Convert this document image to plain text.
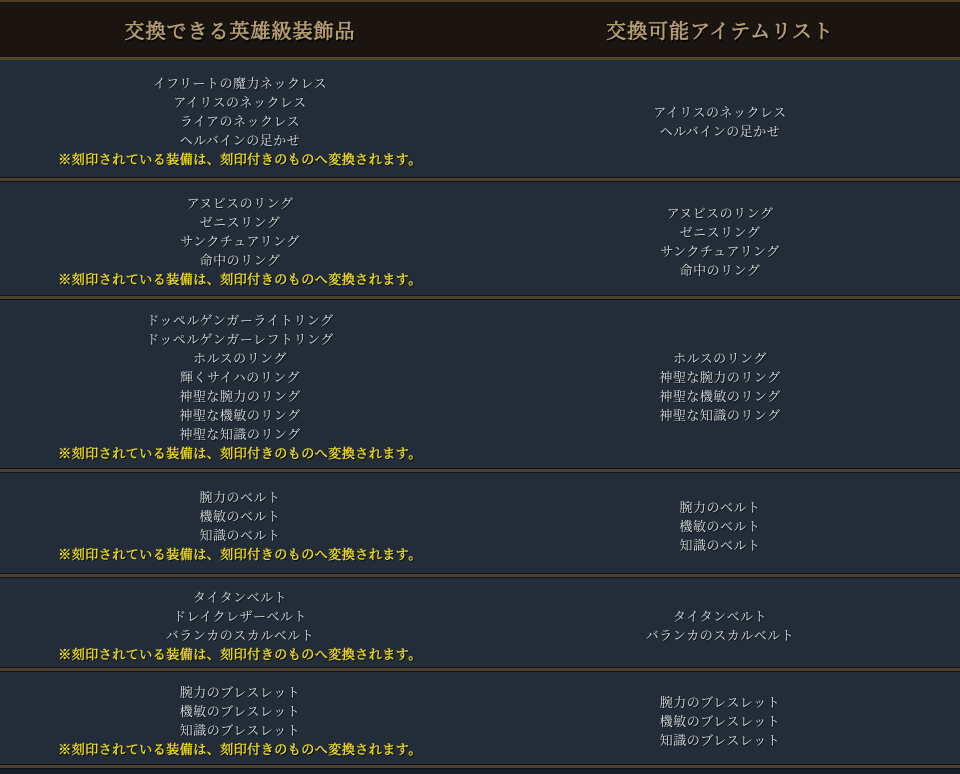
交換できる英雄級装飾品	交換可能アイテムリスト
イフリートの魔力ネックレス
アイリスのネックレス
ライアのネックレス
ヘルバインの足かせ
※刻印されている装備は、刻印付きのものへ変換されます。
アイリスのネックレス
ヘルバインの足かせ
アヌビスのリング
ゼニスリング
サンクチュアリング
命中のリング
※刻印されている装備は、刻印付きのものへ変換されます。
アヌビスのリング
ゼニスリング
サンクチュアリング
命中のリング
ドッペルゲンガーライトリング
ドッペルゲンガーレフトリング
ホルスのリング
輝くサイハのリング
神聖な腕力のリング
神聖な機敏のリング
神聖な知識のリング
※刻印されている装備は、刻印付きのものへ変換されます。
ホルスのリング
神聖な腕力のリング
神聖な機敏のリング
神聖な知識のリング
腕力のベルト
機敏のベルト
知識のベルト
※刻印されている装備は、刻印付きのものへ変換されます。
腕力のベルト
機敏のベルト
知識のベルト
タイタンベルト
ドレイクレザーベルト
バランカのスカルベルト
※刻印されている装備は、刻印付きのものへ変換されます。
タイタンベルト
バランカのスカルベルト
腕力のブレスレット
機敏のブレスレット
知識のブレスレット
※刻印されている装備は、刻印付きのものへ変換されます。
腕力のブレスレット
機敏のブレスレット
知識のブレスレット
